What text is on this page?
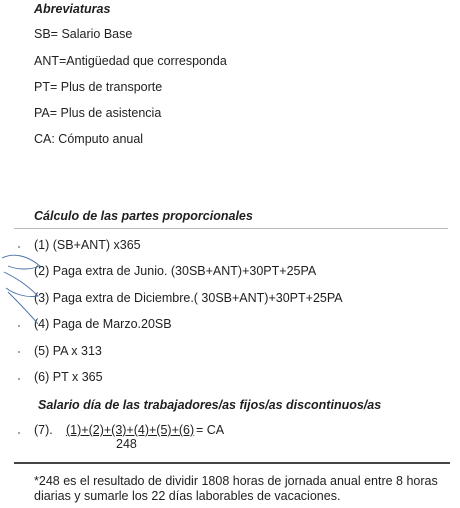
Abreviaturas
SB= Salario Base
ANT=Antigüedad que corresponda
PT= Plus de transporte
PA= Plus de asistencia
CA: Cómputo anual
Cálculo de las partes proporcionales
(1) (SB+ANT) x365
(2) Paga extra de Junio. (30SB+ANT)+30PT+25PA
(3) Paga extra de Diciembre.( 30SB+ANT)+30PT+25PA
(4) Paga de Marzo.20SB
(5) PA x 313
(6) PT x 365
Salario día de las trabajadores/as fijos/as discontinuos/as
(7). (1)+(2)+(3)+(4)+(5)+(6) = CA
248
*248 es el resultado de dividir 1808 horas de jornada anual entre 8 horas diarias y sumarle los 22 días laborables de vacaciones.
